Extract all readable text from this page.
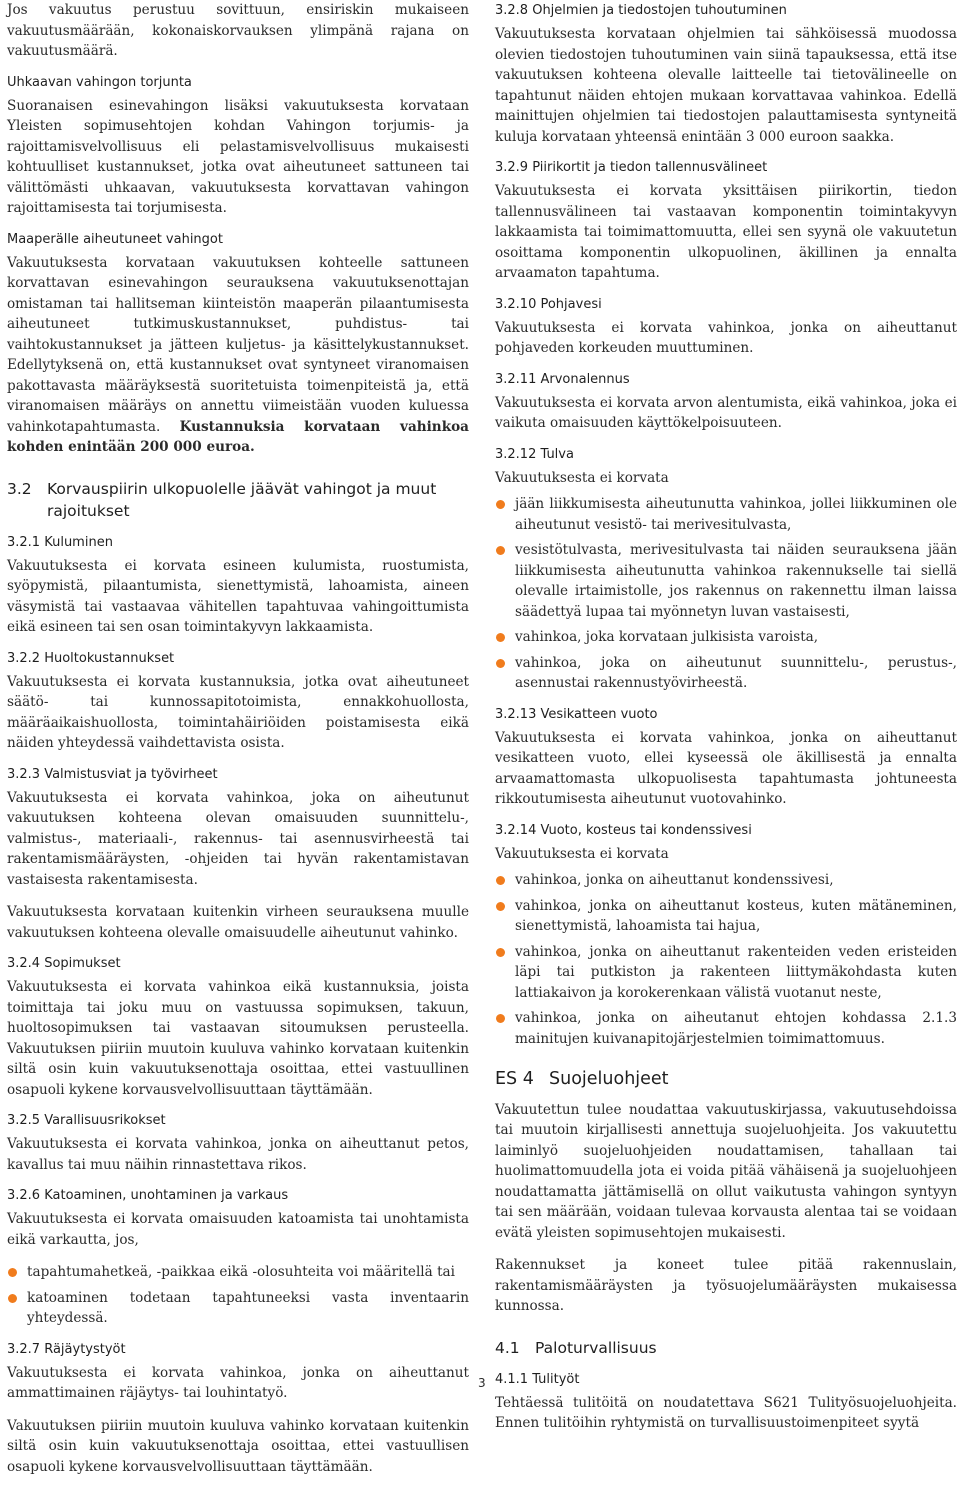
Jos vakuutus perustuu sovittuun, ensiriskin mukaiseen vakuutusmäärään, kokonaiskorvauksen ylimpänä rajana on vakuutusmäärä.

Uhkaavan vahingon torjunta

Suoranaisen esinevahingon lisäksi vakuutuksesta korvataan Yleisten sopimusehtojen kohdan Vahingon torjumis- ja rajoittamisvelvollisuus eli pelastamisvelvollisuus mukaisesti kohtuulliset kustannukset, jotka ovat aiheutuneet sattuneen tai välittömästi uhkaavan, vakuutuksesta korvattavan vahingon rajoittamisesta tai torjumisesta.

Maaperälle aiheutuneet vahingot

Vakuutuksesta korvataan vakuutuksen kohteelle sattuneen korvattavan esinevahingon seurauksena vakuutuksenottajan omistaman tai hallitseman kiinteistön maaperän pilaantumisesta aiheutuneet tutkimuskustannukset, puhdistus- tai vaihtokustannukset ja jätteen kuljetus- ja käsittelykustannukset. Edellytyksenä on, että kustannukset ovat syntyneet viranomaisen pakottavasta määräyksestä suoritetuista toimenpiteistä ja, että viranomaisen määräys on annettu viimeistään vuoden kuluessa vahinkotapahtumasta. Kustannuksia korvataan vahinkoa kohden enintään 200 000 euroa.

3.2 Korvauspiirin ulkopuolelle jäävät vahingot ja muut rajoitukset
3.2.1 Kuluminen

Vakuutuksesta ei korvata esineen kulumista, ruostumista, syöpymistä, pilaantumista, sienettymistä, lahoamista, aineen väsymistä tai vastaavaa vähitellen tapahtuvaa vahingoittumista eikä esineen tai sen osan toimintakyvyn lakkaamista.

3.2.2 Huoltokustannukset

Vakuutuksesta ei korvata kustannuksia, jotka ovat aiheutuneet säätö- tai kunnossapitotoimista, ennakkohuollosta, määräaikaishuollosta, toimintahäiriöiden poistamisesta eikä näiden yhteydessä vaihdettavista osista.

3.2.3 Valmistusviat ja työvirheet

Vakuutuksesta ei korvata vahinkoa, joka on aiheutunut vakuutuksen kohteena olevan omaisuuden suunnittelu-, valmistus-, materiaali-, rakennus- tai asennusvirheestä tai rakentamismääräysten, -ohjeiden tai hyvän rakentamistavan vastaisesta rakentamisesta.

Vakuutuksesta korvataan kuitenkin virheen seurauksena muulle vakuutuksen kohteena olevalle omaisuudelle aiheutunut vahinko.

3.2.4 Sopimukset

Vakuutuksesta ei korvata vahinkoa eikä kustannuksia, joista toimittaja tai joku muu on vastuussa sopimuksen, takuun, huoltosopimuksen tai vastaavan sitoumuksen perusteella. Vakuutuksen piiriin muutoin kuuluva vahinko korvataan kuitenkin siltä osin kuin vakuutuksenottaja osoittaa, ettei vastuullinen osapuoli kykene korvausvelvollisuuttaan täyttämään.

3.2.5 Varallisuusrikokset

Vakuutuksesta ei korvata vahinkoa, jonka on aiheuttanut petos, kavallus tai muu näihin rinnastettava rikos.

3.2.6 Katoaminen, unohtaminen ja varkaus

Vakuutuksesta ei korvata omaisuuden katoamista tai unohtamista eikä varkautta, jos,

tapahtumahetkeä, -paikkaa eikä -olosuhteita voi määritellä tai
katoaminen todetaan tapahtuneeksi vasta inventaarin yhteydessä.
3.2.7 Räjäytystyöt

Vakuutuksesta ei korvata vahinkoa, jonka on aiheuttanut ammattimainen räjäytys- tai louhintatyö.

Vakuutuksen piiriin muutoin kuuluva vahinko korvataan kuitenkin siltä osin kuin vakuutuksenottaja osoittaa, ettei vastuullisen osapuoli kykene korvausvelvollisuuttaan täyttämään.

3.2.8 Ohjelmien ja tiedostojen tuhoutuminen

Vakuutuksesta korvataan ohjelmien tai sähköisessä muodossa olevien tiedostojen tuhoutuminen vain siinä tapauksessa, että itse vakuutuksen kohteena olevalle laitteelle tai tietovälineelle on tapahtunut näiden ehtojen mukaan korvattavaa vahinkoa. Edellä mainittujen ohjelmien tai tiedostojen palauttamisesta syntyneitä kuluja korvataan yhteensä enintään 3 000 euroon saakka.

3.2.9 Piirikortit ja tiedon tallennusvälineet

Vakuutuksesta ei korvata yksittäisen piirikortin, tiedon tallennusvälineen tai vastaavan komponentin toimintakyvyn lakkaamista tai toimimattomuutta, ellei sen syynä ole vakuutetun osoittama komponentin ulkopuolinen, äkillinen ja ennalta arvaamaton tapahtuma.

3.2.10 Pohjavesi

Vakuutuksesta ei korvata vahinkoa, jonka on aiheuttanut pohjaveden korkeuden muuttuminen.

3.2.11 Arvonalennus

Vakuutuksesta ei korvata arvon alentumista, eikä vahinkoa, joka ei vaikuta omaisuuden käyttökelpoisuuteen.

3.2.12 Tulva

Vakuutuksesta ei korvata

jään liikkumisesta aiheutunutta vahinkoa, jollei liikkuminen ole aiheutunut vesistö- tai merivesitulvasta,
vesistötulvasta, merivesitulvasta tai näiden seurauksena jään liikkumisesta aiheutunutta vahinkoa rakennukselle tai siellä olevalle irtaimistolle, jos rakennus on rakennettu ilman laissa säädettyä lupaa tai myönnetyn luvan vastaisesti,
vahinkoa, joka korvataan julkisista varoista,
vahinkoa, joka on aiheutunut suunnittelu-, perustus-, asennustai rakennustyövirheestä.
3.2.13 Vesikatteen vuoto

Vakuutuksesta ei korvata vahinkoa, jonka on aiheuttanut vesikatteen vuoto, ellei kyseessä ole äkillisestä ja ennalta arvaamattomasta ulkopuolisesta tapahtumasta johtuneesta rikkoutumisesta aiheutunut vuotovahinko.

3.2.14 Vuoto, kosteus tai kondenssivesi

Vakuutuksesta ei korvata

vahinkoa, jonka on aiheuttanut kondenssivesi,
vahinkoa, jonka on aiheuttanut kosteus, kuten mätäneminen, sienettymistä, lahoamista tai hajua,
vahinkoa, jonka on aiheuttanut rakenteiden veden eristeiden läpi tai putkiston ja rakenteen liittymäkohdasta kuten lattiakaivon ja korokerenkaan välistä vuotanut neste,
vahinkoa, jonka on aiheutanut ehtojen kohdassa 2.1.3 mainitujen kuivanapitojärjestelmien toimimattomuus.
ES 4 Suojeluohjeet

Vakuutettun tulee noudattaa vakuutuskirjassa, vakuutusehdoissa tai muutoin kirjallisesti annettuja suojeluohjeita. Jos vakuutettu laiminlyö suojeluohjeiden noudattamisen, tahallaan tai huolimattomuudella jota ei voida pitää vähäisenä ja suojeluohjeen noudattamatta jättämisellä on ollut vaikutusta vahingon syntyyn tai sen määrään, voidaan tulevaa korvausta alentaa tai se voidaan evätä yleisten sopimusehtojen mukaisesti.

Rakennukset ja koneet tulee pitää rakennuslain, rakentamismääräysten ja työsuojelumääräysten mukaisessa kunnossa.

4.1 Paloturvallisuus
4.1.1 Tulityöt

Tehtäessä tulitöitä on noudatettava S621 Tulityösuojeluohjeita. Ennen tulitöihin ryhtymistä on turvallisuustoimenpiteet syytä

3
